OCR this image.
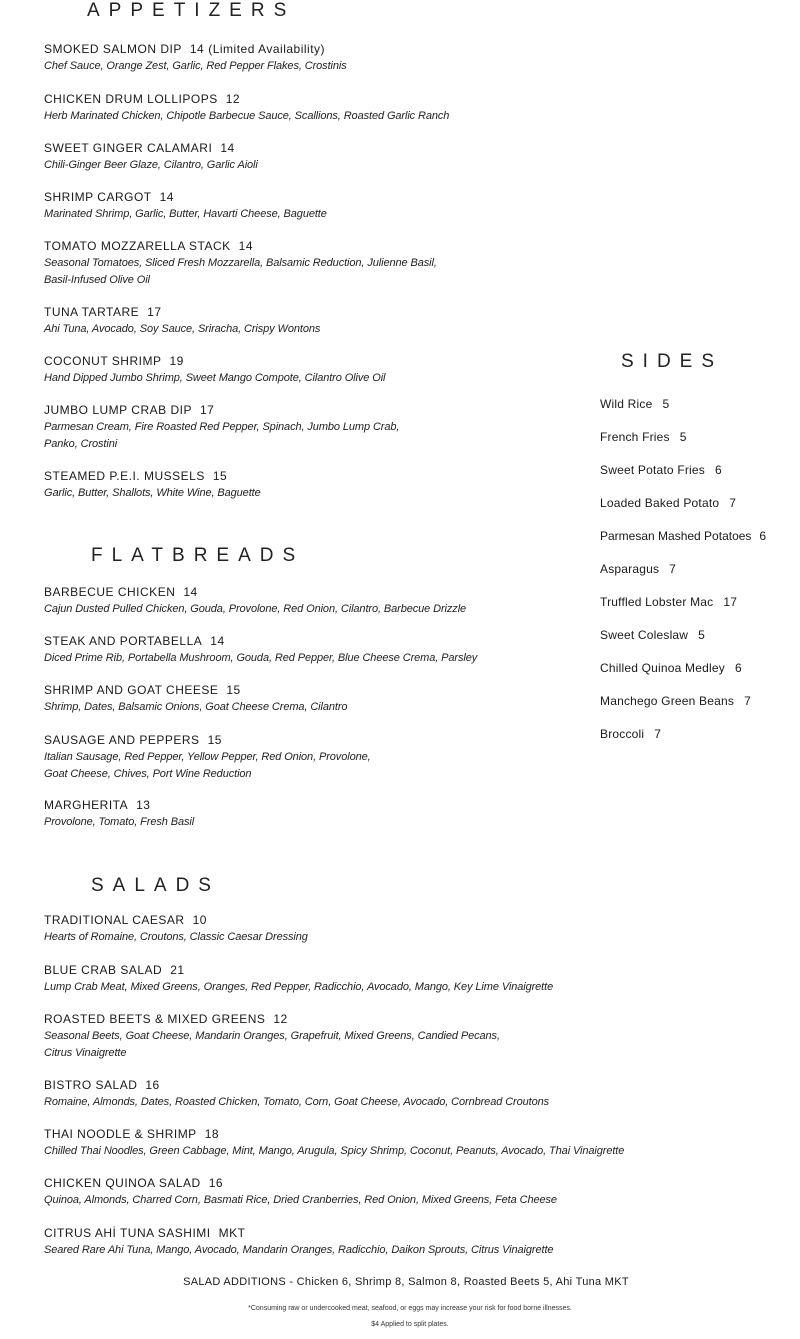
APPETIZERS
FLATBREADS
SALADS
SIDES
SMOKED SALMON DIP 14 (Limited Availability)
Chef Sauce, Orange Zest, Garlic, Red Pepper Flakes, Crostinis
CHICKEN DRUM LOLLIPOPS 12
Herb Marinated Chicken, Chipotle Barbecue Sauce, Scallions, Roasted Garlic Ranch
SWEET GINGER CALAMARI 14
Chili-Ginger Beer Glaze, Cilantro, Garlic Aioli
SHRIMP CARGOT 14
Marinated Shrimp, Garlic, Butter, Havarti Cheese, Baguette
TOMATO MOZZARELLA STACK 14
Seasonal Tomatoes, Sliced Fresh Mozzarella, Balsamic Reduction, Julienne Basil,
Basil-Infused Olive Oil
TUNA TARTARE 17
Ahi Tuna, Avocado, Soy Sauce, Sriracha, Crispy Wontons
COCONUT SHRIMP 19
Hand Dipped Jumbo Shrimp, Sweet Mango Compote, Cilantro Olive Oil
JUMBO LUMP CRAB DIP 17
Parmesan Cream, Fire Roasted Red Pepper, Spinach, Jumbo Lump Crab,
Panko, Crostini
STEAMED P.E.I. MUSSELS 15
Garlic, Butter, Shallots, White Wine, Baguette
BARBECUE CHICKEN 14
Cajun Dusted Pulled Chicken, Gouda, Provolone, Red Onion, Cilantro, Barbecue Drizzle
STEAK AND PORTABELLA 14
Diced Prime Rib, Portabella Mushroom, Gouda, Red Pepper, Blue Cheese Crema, Parsley
SHRIMP AND GOAT CHEESE 15
Shrimp, Dates, Balsamic Onions, Goat Cheese Crema, Cilantro
SAUSAGE AND PEPPERS 15
Italian Sausage, Red Pepper, Yellow Pepper, Red Onion, Provolone,
Goat Cheese, Chives, Port Wine Reduction
MARGHERITA 13
Provolone, Tomato, Fresh Basil
TRADITIONAL CAESAR 10
Hearts of Romaine, Croutons, Classic Caesar Dressing
BLUE CRAB SALAD 21
Lump Crab Meat, Mixed Greens, Oranges, Red Pepper, Radicchio, Avocado, Mango, Key Lime Vinaigrette
ROASTED BEETS & MIXED GREENS 12
Seasonal Beets, Goat Cheese, Mandarin Oranges, Grapefruit, Mixed Greens, Candied Pecans,
Citrus Vinaigrette
BISTRO SALAD 16
Romaine, Almonds, Dates, Roasted Chicken, Tomato, Corn, Goat Cheese, Avocado, Cornbread Croutons
THAI NOODLE & SHRIMP 18
Chilled Thai Noodles, Green Cabbage, Mint, Mango, Arugula, Spicy Shrimp, Coconut, Peanuts, Avocado, Thai Vinaigrette
CHICKEN QUINOA SALAD 16
Quinoa, Almonds, Charred Corn, Basmati Rice, Dried Cranberries, Red Onion, Mixed Greens, Feta Cheese
CITRUS AHİ TUNA SASHIMI MKT
Seared Rare Ahi Tuna, Mango, Avocado, Mandarin Oranges, Radicchio, Daikon Sprouts, Citrus Vinaigrette
Wild Rice 5
French Fries 5
Sweet Potato Fries 6
Loaded Baked Potato 7
Parmesan Mashed Potatoes 6
Asparagus 7
Truffled Lobster Mac 17
Sweet Coleslaw 5
Chilled Quinoa Medley 6
Manchego Green Beans 7
Broccoli 7
SALAD ADDITIONS - Chicken 6, Shrimp 8, Salmon 8, Roasted Beets 5, Ahi Tuna MKT
*Consuming raw or undercooked meat, seafood, or eggs may increase your risk for food borne illnesses.
$4 Applied to split plates.
